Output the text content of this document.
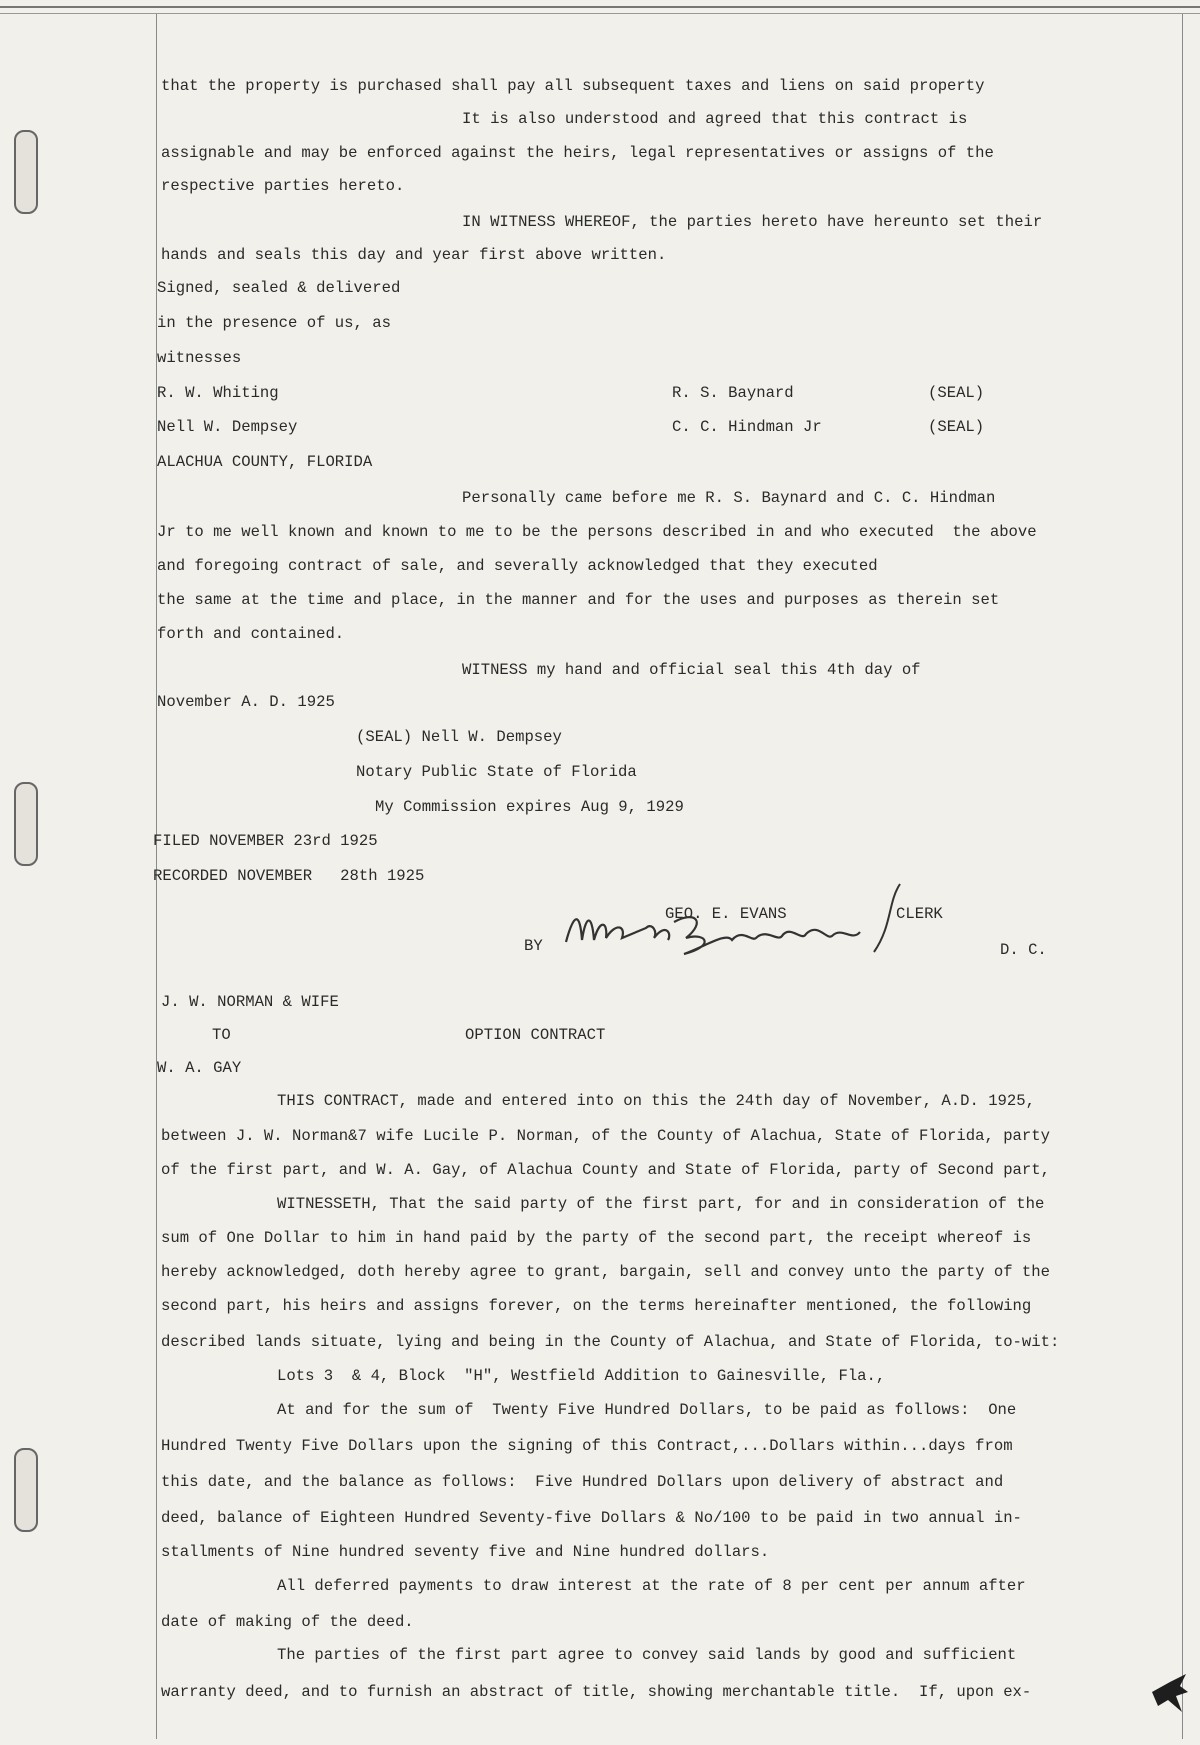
that the property is purchased shall pay all subsequent taxes and liens on said property
It is also understood and agreed that this contract is
assignable and may be enforced against the heirs, legal representatives or assigns of the
respective parties hereto.
IN WITNESS WHEREOF, the parties hereto have hereunto set their
hands and seals this day and year first above written.
Signed, sealed & delivered
in the presence of us, as
witnesses
R. W. Whiting	R. S. Baynard	(SEAL)
Nell W. Dempsey	C. C. Hindman Jr	(SEAL)
ALACHUA COUNTY, FLORIDA
Personally came before me R. S. Baynard and C. C. Hindman
Jr to me well known and known to me to be the persons described in and who executed  the above
and foregoing contract of sale, and severally acknowledged that they executed
the same at the time and place, in the manner and for the uses and purposes as therein set
forth and contained.
WITNESS my hand and official seal this 4th day of
November A. D. 1925
(SEAL) Nell W. Dempsey
Notary Public State of Florida
My Commission expires Aug 9, 1929
FILED NOVEMBER 23rd 1925
RECORDED NOVEMBER   28th 1925
GEO. E. EVANS	CLERK
BY	D. C.
J. W. NORMAN & WIFE
TO	OPTION CONTRACT
W. A. GAY
THIS CONTRACT, made and entered into on this the 24th day of November, A.D. 1925,
between J. W. Norman&7 wife Lucile P. Norman, of the County of Alachua, State of Florida, party
of the first part, and W. A. Gay, of Alachua County and State of Florida, party of Second part,
WITNESSETH, That the said party of the first part, for and in consideration of the
sum of One Dollar to him in hand paid by the party of the second part, the receipt whereof is
hereby acknowledged, doth hereby agree to grant, bargain, sell and convey unto the party of the
second part, his heirs and assigns forever, on the terms hereinafter mentioned, the following
described lands situate, lying and being in the County of Alachua, and State of Florida, to-wit:
Lots 3  & 4, Block  "H", Westfield Addition to Gainesville, Fla.,
At and for the sum of  Twenty Five Hundred Dollars, to be paid as follows:  One
Hundred Twenty Five Dollars upon the signing of this Contract,...Dollars within...days from
this date, and the balance as follows:  Five Hundred Dollars upon delivery of abstract and
deed, balance of Eighteen Hundred Seventy-five Dollars & No/100 to be paid in two annual in-
stallments of Nine hundred seventy five and Nine hundred dollars.
All deferred payments to draw interest at the rate of 8 per cent per annum after
date of making of the deed.
The parties of the first part agree to convey said lands by good and sufficient
warranty deed, and to furnish an abstract of title, showing merchantable title.  If, upon ex-
